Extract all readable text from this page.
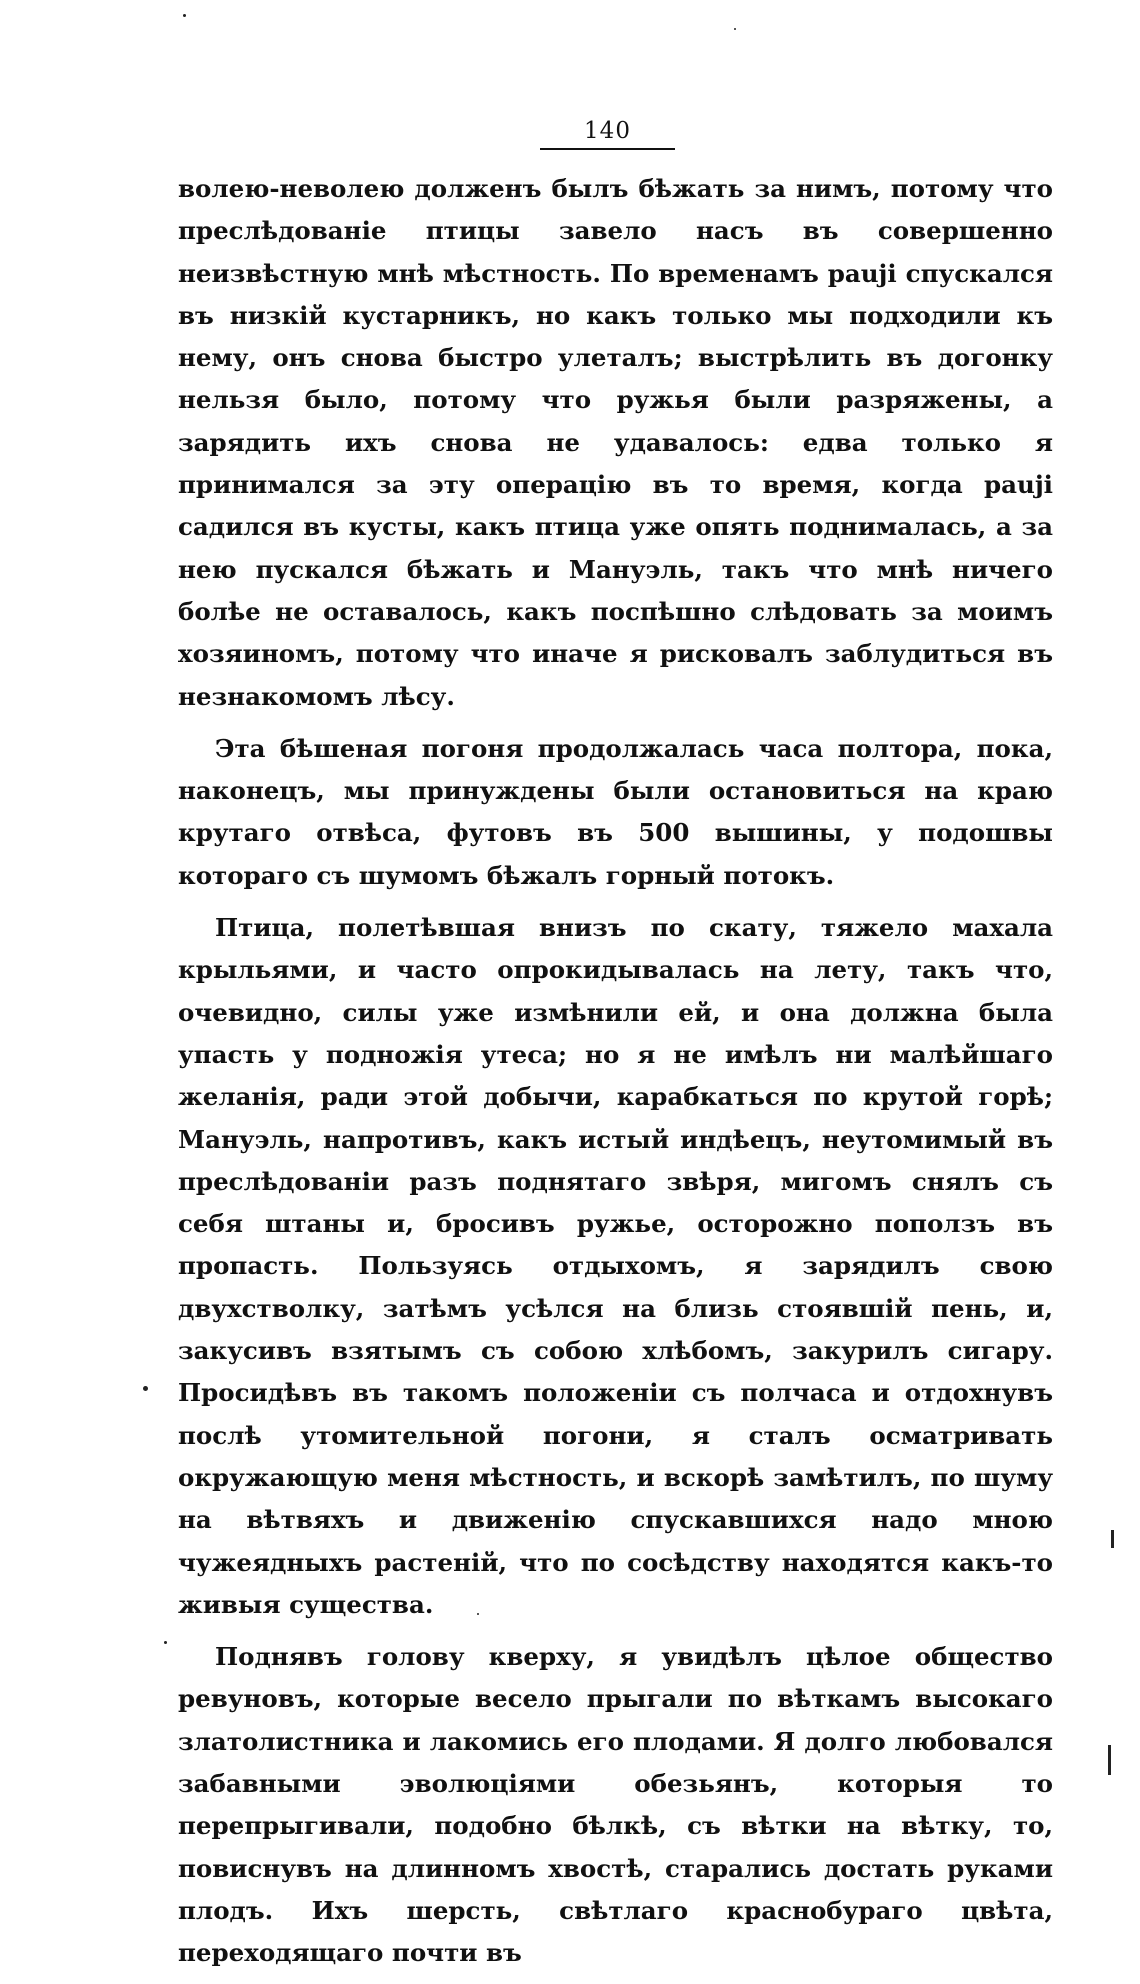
140

волею-неволею долженъ былъ бѣжать за нимъ, потому что преслѣдованіе птицы завело насъ въ совершенно неизвѣстную мнѣ мѣстность. По временамъ pauji спускался въ низкій кустарникъ, но какъ только мы подходили къ нему, онъ снова быстро улеталъ; выстрѣлить въ догонку нельзя было, потому что ружья были разряжены, а зарядить ихъ снова не удавалось: едва только я принимался за эту операцію въ то время, когда pauji садился въ кусты, какъ птица уже опять поднималась, а за нею пускался бѣжать и Мануэль, такъ что мнѣ ничего болѣе не оставалось, какъ поспѣшно слѣдовать за моимъ хозяиномъ, потому что иначе я рисковалъ заблудиться въ незнакомомъ лѣсу.

Эта бѣшеная погоня продолжалась часа полтора, пока, наконецъ, мы принуждены были остановиться на краю крутаго отвѣса, футовъ въ 500 вышины, у подошвы котораго съ шумомъ бѣжалъ горный потокъ.

Птица, полетѣвшая внизъ по скату, тяжело махала крыльями, и часто опрокидывалась на лету, такъ что, очевидно, силы уже измѣнили ей, и она должна была упасть у подножія утеса; но я не имѣлъ ни малѣйшаго желанія, ради этой добычи, карабкаться по крутой горѣ; Мануэль, напротивъ, какъ истый индѣецъ, неутомимый въ преслѣдованіи разъ поднятаго звѣря, мигомъ снялъ съ себя штаны и, бросивъ ружье, осторожно поползъ въ пропасть. Пользуясь отдыхомъ, я зарядилъ свою двухстволку, затѣмъ усѣлся на близь стоявшій пень, и, закусивъ взятымъ съ собою хлѣбомъ, закурилъ сигару. Просидѣвъ въ такомъ положеніи съ полчаса и отдохнувъ послѣ утомительной погони, я сталъ осматривать окружающую меня мѣстность, и вскорѣ замѣтилъ, по шуму на вѣтвяхъ и движенію спускавшихся надо мною чужеядныхъ растеній, что по сосѣдству находятся какъ-то живыя существа.

Поднявъ голову кверху, я увидѣлъ цѣлое общество ревуновъ, которые весело прыгали по вѣткамъ высокаго златолистника и лакомись его плодами. Я долго любовался забавными эволюціями обезьянъ, которыя то перепрыгивали, подобно бѣлкѣ, съ вѣтки на вѣтку, то, повиснувъ на длинномъ хвостѣ, старались достать руками плодъ. Ихъ шерсть, свѣтлаго краснобураго цвѣта, переходящаго почти въ
